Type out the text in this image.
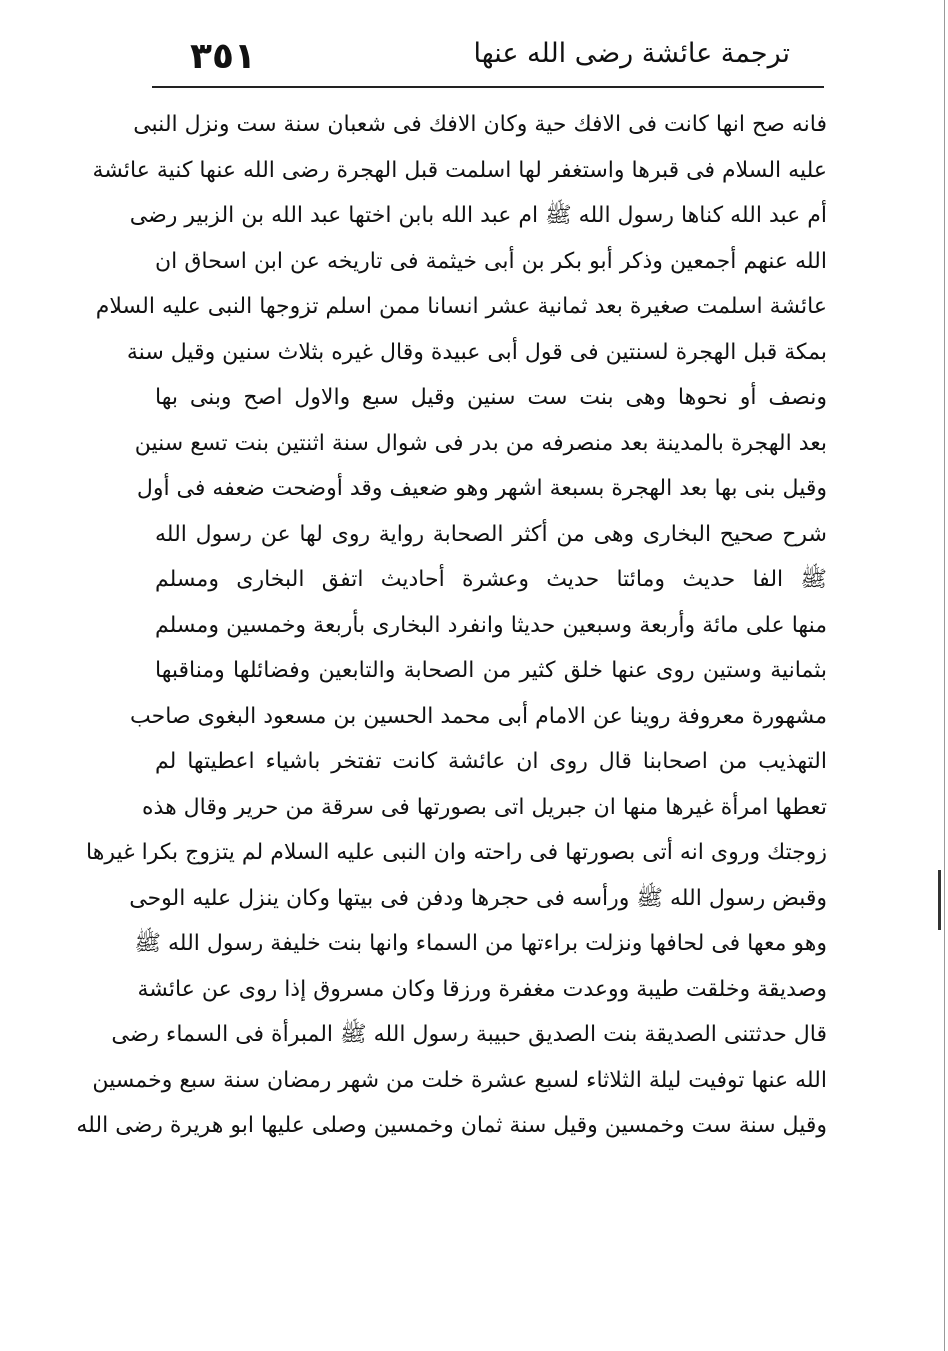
٣٥١	ترجمة عائشة رضى الله عنها
فانه صح انها كانت فى الافك حية وكان الافك فى شعبان سنة ست ونزل النبى
عليه السلام فى قبرها واستغفر لها اسلمت قبل الهجرة رضى الله عنها كنية عائشة
أم عبد الله كناها رسول الله ﷺ ام عبد الله بابن اختها عبد الله بن الزبير رضى
الله عنهم أجمعين وذكر أبو بكر بن أبى خيثمة فى تاريخه عن ابن اسحاق ان
عائشة اسلمت صغيرة بعد ثمانية عشر انسانا ممن اسلم تزوجها النبى عليه السلام
بمكة قبل الهجرة لسنتين فى قول أبى عبيدة وقال غيره بثلاث سنين وقيل سنة
ونصف أو نحوها وهى بنت ست سنين وقيل سبع والاول اصح وبنى بها
بعد الهجرة بالمدينة بعد منصرفه من بدر فى شوال سنة اثنتين بنت تسع سنين
وقيل بنى بها بعد الهجرة بسبعة اشهر وهو ضعيف وقد أوضحت ضعفه فى أول
شرح صحيح البخارى وهى من أكثر الصحابة رواية روى لها عن رسول الله
ﷺ الفا حديث ومائتا حديث وعشرة أحاديث اتفق البخارى ومسلم
منها على مائة وأربعة وسبعين حديثا وانفرد البخارى بأربعة وخمسين ومسلم
بثمانية وستين روى عنها خلق كثير من الصحابة والتابعين وفضائلها ومناقبها
مشهورة معروفة روينا عن الامام أبى محمد الحسين بن مسعود البغوى صاحب
التهذيب من اصحابنا قال روى ان عائشة كانت تفتخر باشياء اعطيتها لم
تعطها امرأة غيرها منها ان جبريل اتى بصورتها فى سرقة من حرير وقال هذه
زوجتك وروى انه أتى بصورتها فى راحته وان النبى عليه السلام لم يتزوج بكرا غيرها
وقبض رسول الله ﷺ ورأسه فى حجرها ودفن فى بيتها وكان ينزل عليه الوحى
وهو معها فى لحافها ونزلت براءتها من السماء وانها بنت خليفة رسول الله ﷺ
وصديقة وخلقت طيبة ووعدت مغفرة ورزقا وكان مسروق إذا روى عن عائشة
قال حدثتنى الصديقة بنت الصديق حبيبة رسول الله ﷺ المبرأة فى السماء رضى
الله عنها توفيت ليلة الثلاثاء لسبع عشرة خلت من شهر رمضان سنة سبع وخمسين
وقيل سنة ست وخمسين وقيل سنة ثمان وخمسين وصلى عليها ابو هريرة رضى الله
